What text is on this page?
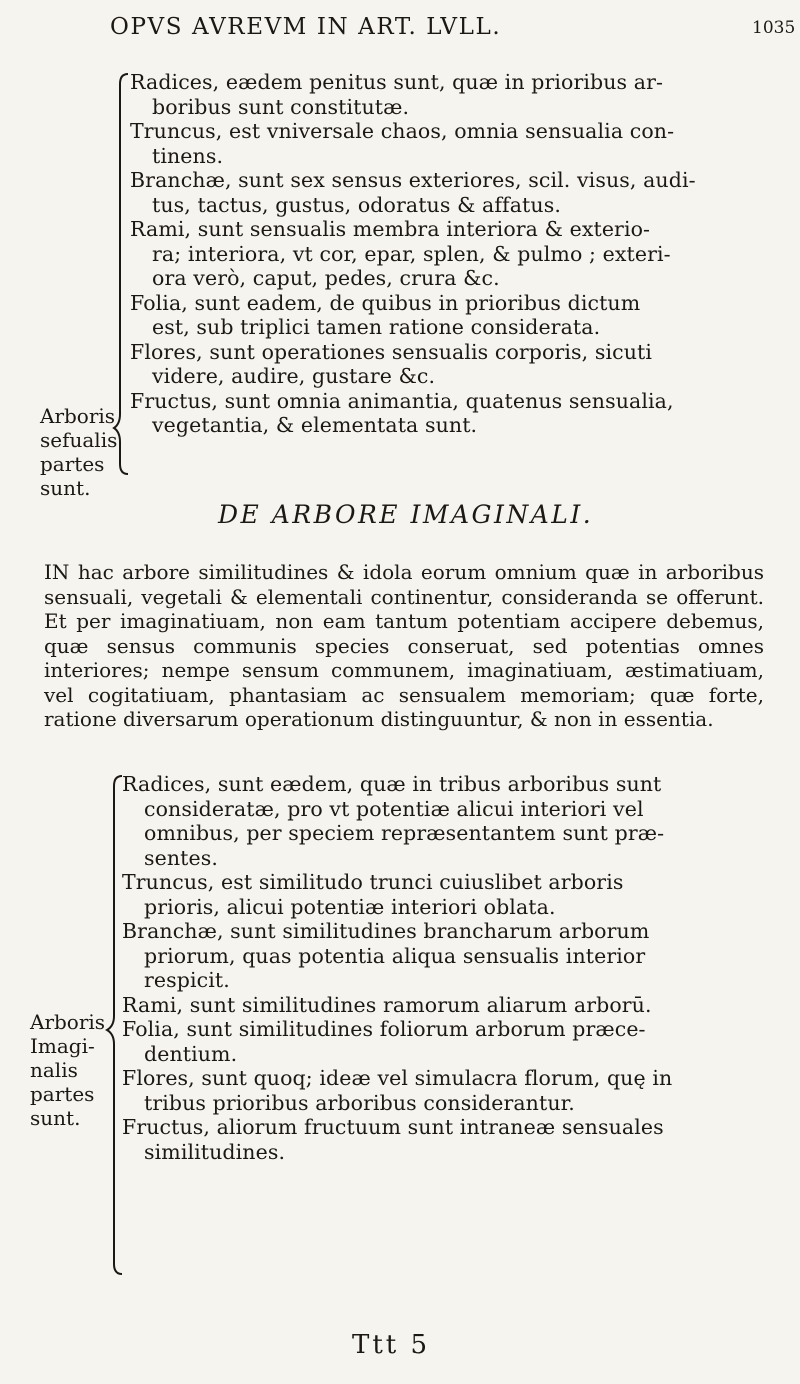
OPVS AVREVM IN ART. LVLL.	1035
Arboris
sefualis
partes
sunt.
Radices, eædem penitus sunt, quæ in prioribus ar-
boribus sunt constitutæ.
Truncus, est vniversale chaos, omnia sensualia con-
tinens.
Branchæ, sunt sex sensus exteriores, scil. visus, audi-
tus, tactus, gustus, odoratus & affatus.
Rami, sunt sensualis membra interiora & exterio-
ra; interiora, vt cor, epar, splen, & pulmo ; exteri-
ora verò, caput, pedes, crura &c.
Folia, sunt eadem, de quibus in prioribus dictum
est, sub triplici tamen ratione considerata.
Flores, sunt operationes sensualis corporis, sicuti
videre, audire, gustare &c.
Fructus, sunt omnia animantia, quatenus sensualia,
vegetantia, & elementata sunt.
DE ARBORE IMAGINALI.
IN hac arbore similitudines & idola eorum omnium quæ in arboribus sensuali, vegetali & elementali continentur, consideranda se offerunt. Et per imaginatiuam, non eam tantum potentiam accipere debemus, quæ sensus communis species conseruat, sed potentias omnes interiores; nempe sensum communem, imaginatiuam, æstimatiuam, vel cogitatiuam, phantasiam ac sensualem memoriam; quæ forte, ratione diversarum operationum distinguuntur, & non in essentia.
Arboris
Imagi-
nalis
partes
sunt.
Radices, sunt eædem, quæ in tribus arboribus sunt
consideratæ, pro vt potentiæ alicui interiori vel
omnibus, per speciem repræsentantem sunt præ-
sentes.
Truncus, est similitudo trunci cuiuslibet arboris
prioris, alicui potentiæ interiori oblata.
Branchæ, sunt similitudines brancharum arborum
priorum, quas potentia aliqua sensualis interior
respicit.
Rami, sunt similitudines ramorum aliarum arborū.
Folia, sunt similitudines foliorum arborum præce-
dentium.
Flores, sunt quoq; ideæ vel simulacra florum, quę in
tribus prioribus arboribus considerantur.
Fructus, aliorum fructuum sunt intraneæ sensuales
similitudines.
Ttt 5
